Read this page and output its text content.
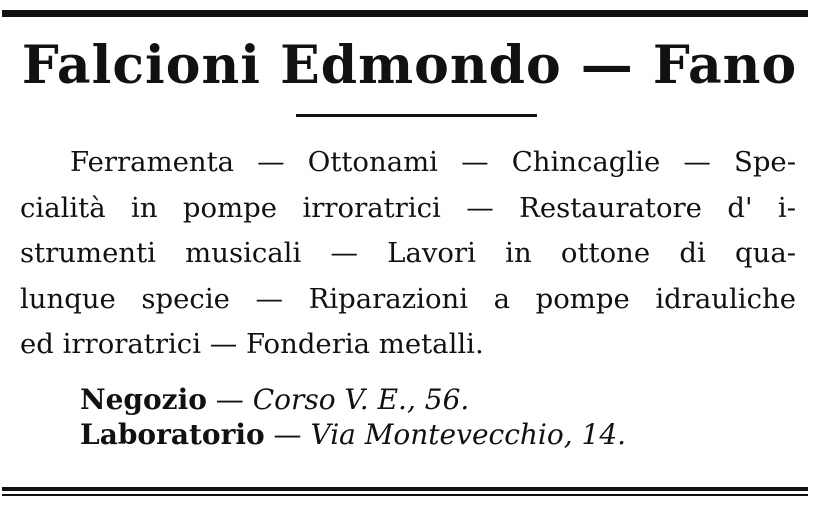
Falcioni Edmondo — Fano
Ferramenta — Ottonami — Chincaglie — Spe-
cialità in pompe irroratrici — Restauratore d' i-
strumenti musicali — Lavori in ottone di qua-
lunque specie — Riparazioni a pompe idrauliche
ed irroratrici — Fonderia metalli.
Negozio — Corso V. E., 56.
Laboratorio — Via Montevecchio, 14.
